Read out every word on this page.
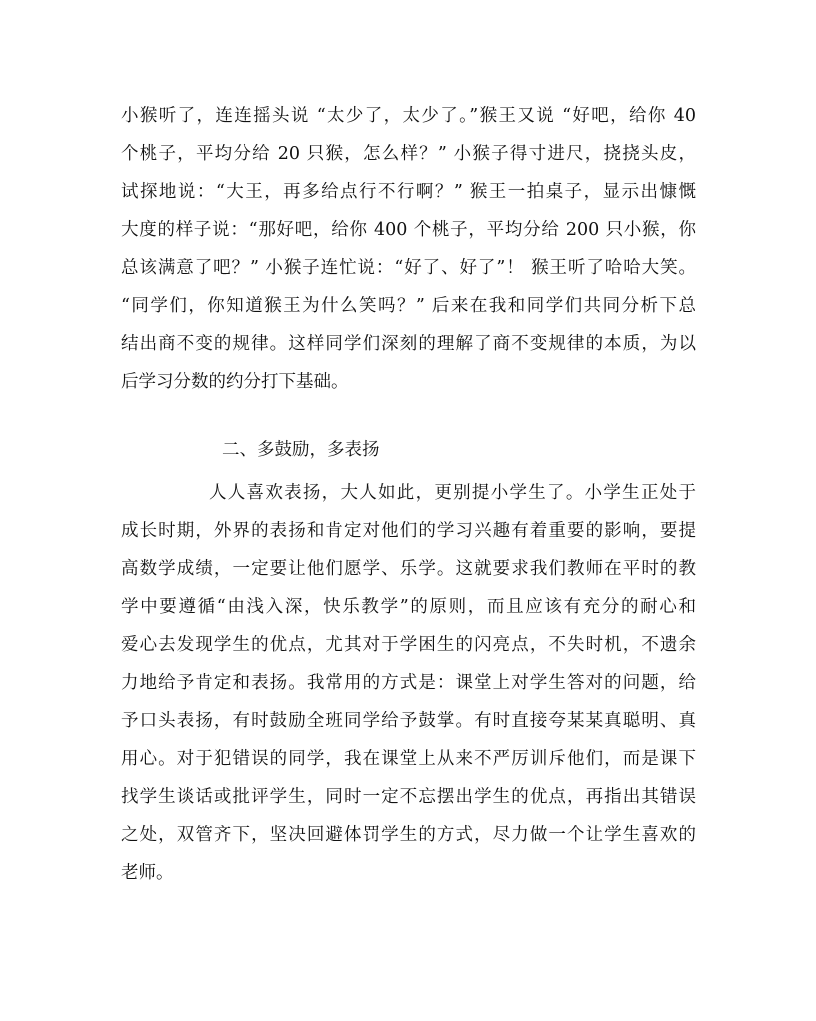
小猴听了，连连摇头说 “太少了，太少了。”猴王又说 “好吧，给你 40
个桃子，平均分给 20 只猴，怎么样？” 小猴子得寸进尺，挠挠头皮，
试探地说：“大王，再多给点行不行啊？” 猴王一拍桌子，显示出慷慨
大度的样子说：“那好吧，给你 400 个桃子，平均分给 200 只小猴，你
总该满意了吧？” 小猴子连忙说：“好了、好了”！ 猴王听了哈哈大笑。
“同学们，你知道猴王为什么笑吗？” 后来在我和同学们共同分析下总
结出商不变的规律。这样同学们深刻的理解了商不变规律的本质，为以
后学习分数的约分打下基础。
二、多鼓励，多表扬
人人喜欢表扬，大人如此，更别提小学生了。小学生正处于
成长时期，外界的表扬和肯定对他们的学习兴趣有着重要的影响，要提
高数学成绩，一定要让他们愿学、乐学。这就要求我们教师在平时的教
学中要遵循“由浅入深，快乐教学”的原则，而且应该有充分的耐心和
爱心去发现学生的优点，尤其对于学困生的闪亮点，不失时机，不遗余
力地给予肯定和表扬。我常用的方式是：课堂上对学生答对的问题，给
予口头表扬，有时鼓励全班同学给予鼓掌。有时直接夸某某真聪明、真
用心。对于犯错误的同学，我在课堂上从来不严厉训斥他们，而是课下
找学生谈话或批评学生，同时一定不忘摆出学生的优点，再指出其错误
之处，双管齐下，坚决回避体罚学生的方式，尽力做一个让学生喜欢的
老师。
